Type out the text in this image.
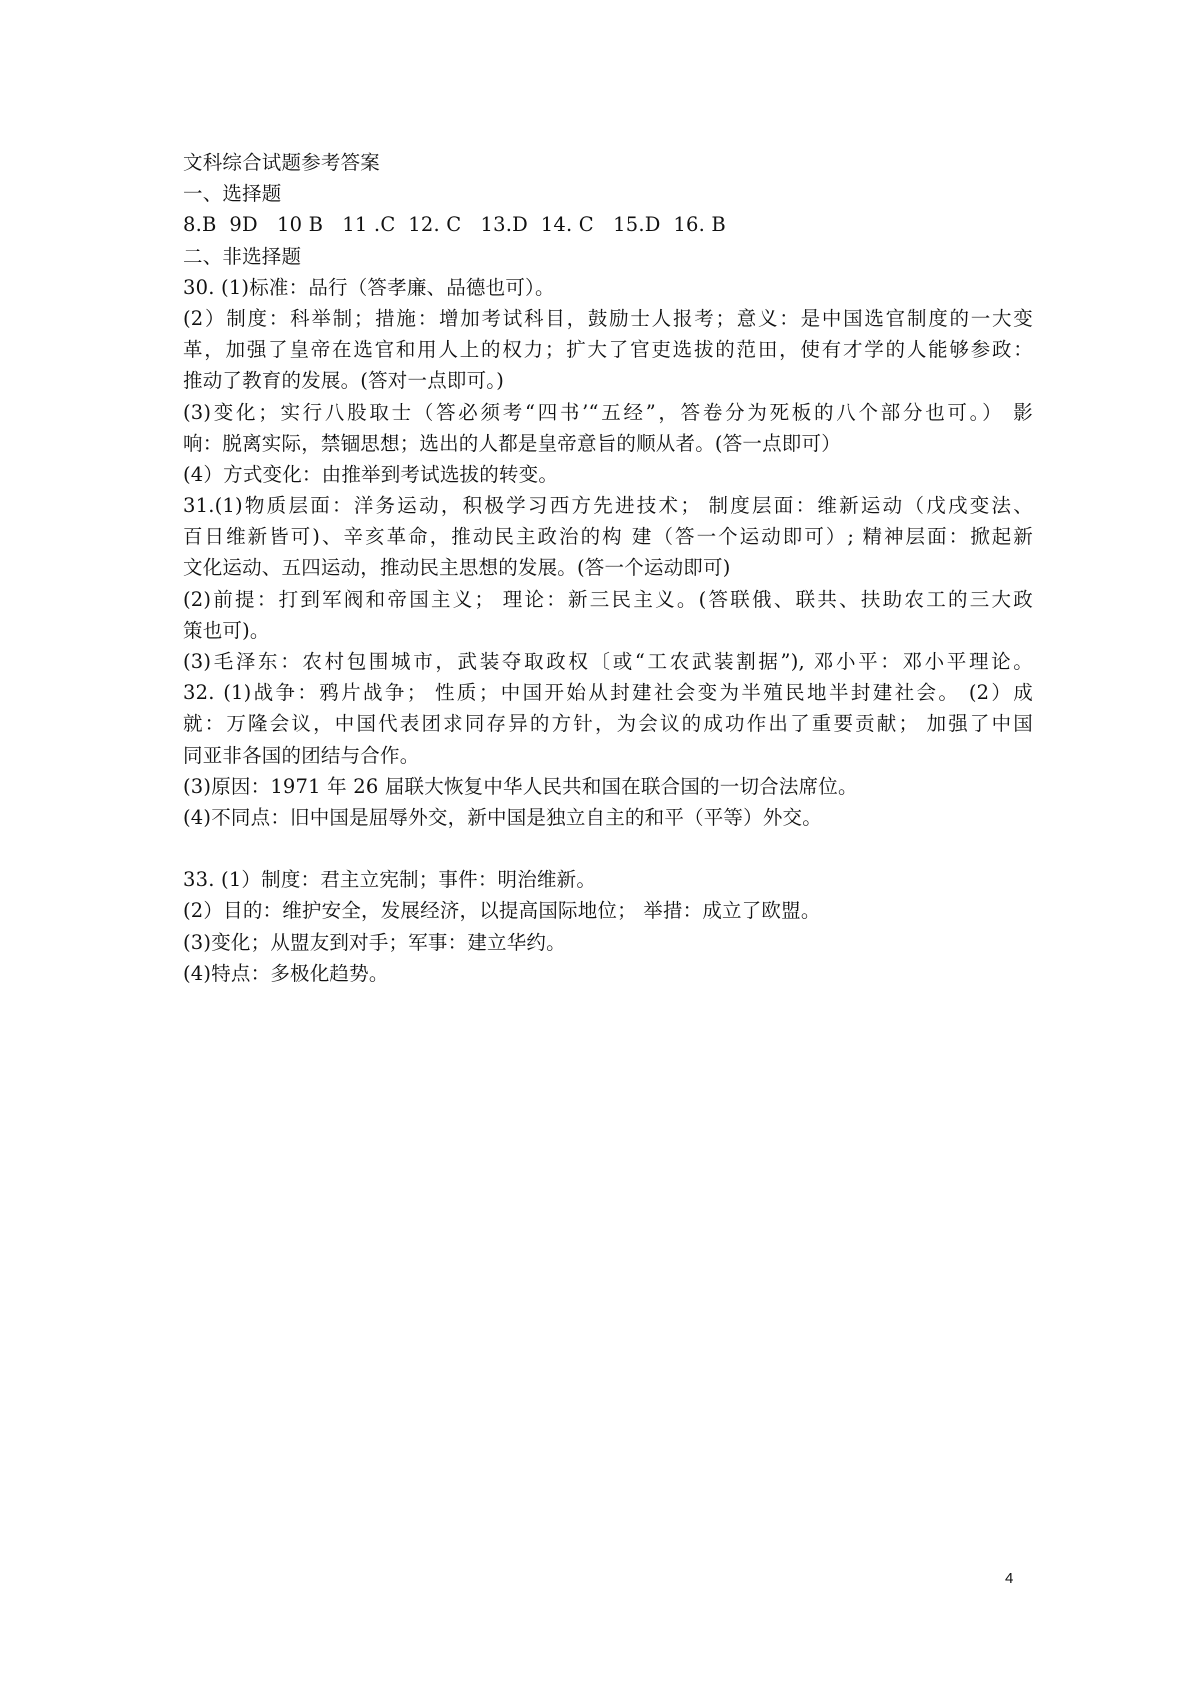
文科综合试题参考答案
一、选择题
8.B  9D   10 B   11 .C  12. C   13.D  14. C   15.D  16. B
二、非选择题
30. (1)标准：品行（答孝廉、品德也可）。
(2）制度：科举制；措施：增加考试科目，鼓励士人报考；意义：是中国选官制度的一大变
革，加强了皇帝在选官和用人上的权力；扩大了官吏选拔的范田，使有才学的人能够参政：
推动了教育的发展。(答对一点即可。)
(3)变化；实行八股取士（答必须考“四书’“五经”，答卷分为死板的八个部分也可。） 影
响：脱离实际，禁锢思想；选出的人都是皇帝意旨的顺从者。(答一点即可）
(4）方式变化：由推举到考试选拔的转变。
31.(1)物质层面：洋务运动，积极学习西方先进技术； 制度层面：维新运动（戊戌变法、
百日维新皆可)、辛亥革命，推动民主政治的构 建（答一个运动即可）; 精神层面：掀起新
文化运动、五四运动，推动民主思想的发展。(答一个运动即可)
(2)前提：打到军阀和帝国主义； 理论：新三民主义。(答联俄、联共、扶助农工的三大政
策也可)。
(3)毛泽东：农村包围城市，武装夺取政权〔或“工农武装割据”), 邓小平：邓小平理论。
32. (1)战争：鸦片战争； 性质；中国开始从封建社会变为半殖民地半封建社会。 (2）成
就：万隆会议，中国代表团求同存异的方针，为会议的成功作出了重要贡献； 加强了中国
同亚非各国的团结与合作。
(3)原因：1971 年 26 届联大恢复中华人民共和国在联合国的一切合法席位。
(4)不同点：旧中国是屈辱外交，新中国是独立自主的和平（平等）外交。
33. (1）制度：君主立宪制；事件：明治维新。
(2）目的：维护安全，发展经济，以提高国际地位； 举措：成立了欧盟。
(3)变化；从盟友到对手；军事：建立华约。
(4)特点：多极化趋势。
4
